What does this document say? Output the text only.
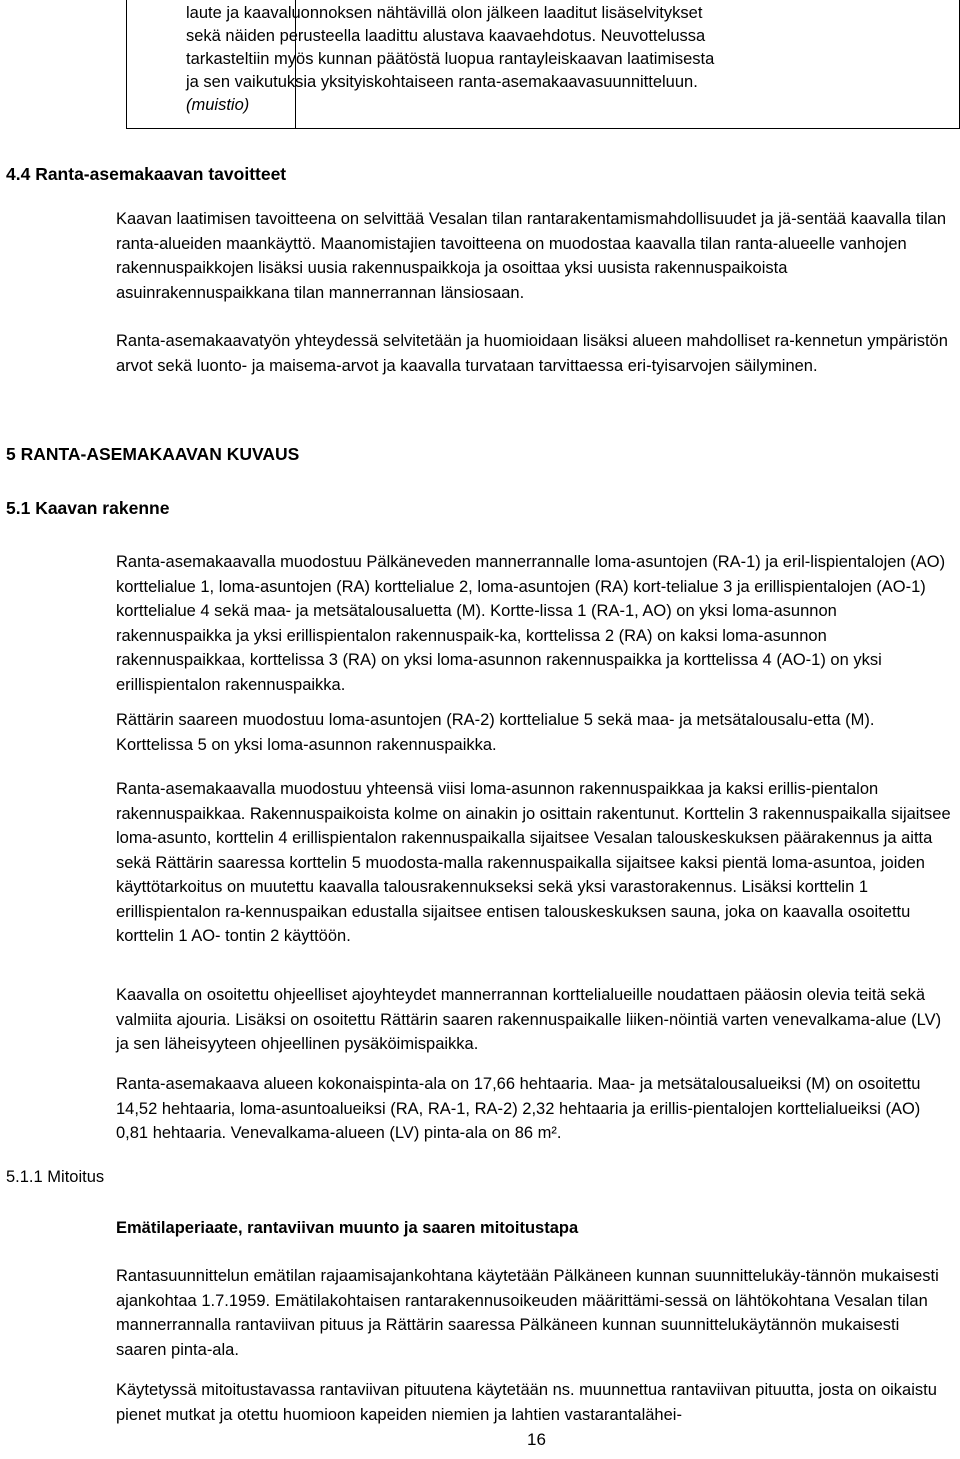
laute ja kaavaluonnoksen nähtävillä olon jälkeen laaditut lisäselvitykset
sekä näiden perusteella laadittu alustava kaavaehdotus. Neuvottelussa
tarkasteltiin myös kunnan päätöstä luopua rantayleiskaavan laatimisesta
ja sen vaikutuksia yksityiskohtaiseen ranta-asemakaavasuunnitteluun.
(muistio)
4.4 Ranta-asemakaavan tavoitteet
Kaavan laatimisen tavoitteena on selvittää Vesalan tilan rantarakentamismahdollisuudet ja jä-sentää kaavalla tilan ranta-alueiden maankäyttö. Maanomistajien tavoitteena on muodostaa kaavalla tilan ranta-alueelle vanhojen rakennuspaikkojen lisäksi uusia rakennuspaikkoja ja osoittaa yksi uusista rakennuspaikoista asuinrakennuspaikkana tilan mannerrannan länsiosaan.
Ranta-asemakaavatyön yhteydessä selvitetään ja huomioidaan lisäksi alueen mahdolliset ra-kennetun ympäristön arvot sekä luonto- ja maisema-arvot ja kaavalla turvataan tarvittaessa eri-tyisarvojen säilyminen.
5 RANTA-ASEMAKAAVAN KUVAUS
5.1 Kaavan rakenne
Ranta-asemakaavalla muodostuu Pälkäneveden mannerrannalle loma-asuntojen (RA-1) ja eril-lispientalojen (AO) korttelialue 1, loma-asuntojen (RA) korttelialue 2, loma-asuntojen (RA) kort-telialue 3 ja erillispientalojen (AO-1) korttelialue 4 sekä maa- ja metsätalousaluetta (M). Kortte-lissa 1 (RA-1, AO) on yksi loma-asunnon rakennuspaikka ja yksi erillispientalon rakennuspaik-ka, korttelissa 2 (RA) on kaksi loma-asunnon rakennuspaikkaa, korttelissa 3 (RA) on yksi loma-asunnon rakennuspaikka ja korttelissa 4 (AO-1) on yksi erillispientalon rakennuspaikka.
Rättärin saareen muodostuu loma-asuntojen (RA-2) korttelialue 5 sekä maa- ja metsätalousalu-etta (M). Korttelissa 5 on yksi loma-asunnon rakennuspaikka.
Ranta-asemakaavalla muodostuu yhteensä viisi loma-asunnon rakennuspaikkaa ja kaksi erillis-pientalon rakennuspaikkaa. Rakennuspaikoista kolme on ainakin jo osittain rakentunut. Korttelin 3 rakennuspaikalla sijaitsee loma-asunto, korttelin 4 erillispientalon rakennuspaikalla sijaitsee Vesalan talouskeskuksen päärakennus ja aitta sekä Rättärin saaressa korttelin 5 muodosta-malla rakennuspaikalla sijaitsee kaksi pientä loma-asuntoa, joiden käyttötarkoitus on muutettu kaavalla talousrakennukseksi sekä yksi varastorakennus. Lisäksi korttelin 1 erillispientalon ra-kennuspaikan edustalla sijaitsee entisen talouskeskuksen sauna, joka on kaavalla osoitettu korttelin 1 AO- tontin 2 käyttöön.
Kaavalla on osoitettu ohjeelliset ajoyhteydet mannerrannan korttelialueille noudattaen pääosin olevia teitä sekä valmiita ajouria. Lisäksi on osoitettu Rättärin saaren rakennuspaikalle liiken-nöintiä varten venevalkama-alue (LV) ja sen läheisyyteen ohjeellinen pysäköimispaikka.
Ranta-asemakaava alueen kokonaispinta-ala on 17,66 hehtaaria. Maa- ja metsätalousalueiksi (M) on osoitettu 14,52 hehtaaria, loma-asuntoalueiksi (RA, RA-1, RA-2) 2,32 hehtaaria ja erillis-pientalojen korttelialueiksi (AO) 0,81 hehtaaria. Venevalkama-alueen (LV) pinta-ala on 86 m².
5.1.1 Mitoitus
Emätilaperiaate, rantaviivan muunto ja saaren mitoitustapa
Rantasuunnittelun emätilan rajaamisajankohtana käytetään Pälkäneen kunnan suunnittelukäy-tännön mukaisesti ajankohtaa 1.7.1959. Emätilakohtaisen rantarakennusoikeuden määrittämi-sessä on lähtökohtana Vesalan tilan mannerrannalla rantaviivan pituus ja Rättärin saaressa Pälkäneen kunnan suunnittelukäytännön mukaisesti saaren pinta-ala.
Käytetyssä mitoitustavassa rantaviivan pituutena käytetään ns. muunnettua rantaviivan pituutta, josta on oikaistu pienet mutkat ja otettu huomioon kapeiden niemien ja lahtien vastarantalähei-
16
